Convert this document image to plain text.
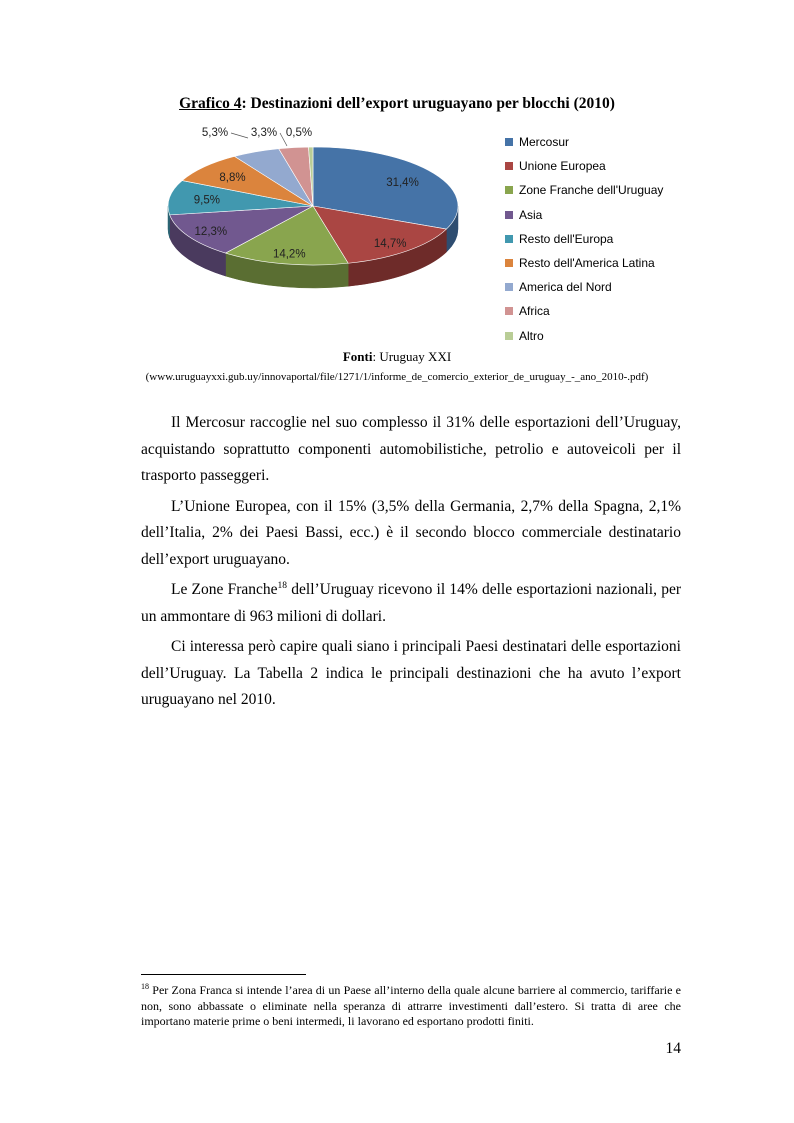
Grafico 4: Destinazioni dell’export uruguayano per blocchi (2010)
31,4%
14,7%
14,2%
12,3%
9,5%
8,8%
5,3% 3,3% 0,5%
Mercosur
Unione Europea
Zone Franche dell'Uruguay
Asia
Resto dell'Europa
Resto dell'America Latina
America del Nord
Africa
Altro
Fonti: Uruguay XXI
(www.uruguayxxi.gub.uy/innovaportal/file/1271/1/informe_de_comercio_exterior_de_uruguay_-_ano_2010-.pdf)

Il Mercosur raccoglie nel suo complesso il 31% delle esportazioni dell’Uruguay, acquistando soprattutto componenti automobilistiche, petrolio e autoveicoli per il trasporto passeggeri.

L’Unione Europea, con il 15% (3,5% della Germania, 2,7% della Spagna, 2,1% dell’Italia, 2% dei Paesi Bassi, ecc.) è il secondo blocco commerciale destinatario dell’export uruguayano.

Le Zone Franche$^{18}$ dell’Uruguay ricevono il 14% delle esportazioni nazionali, per un ammontare di 963 milioni di dollari.

Ci interessa però capire quali siano i principali Paesi destinatari delle esportazioni dell’Uruguay. La Tabella 2 indica le principali destinazioni che ha avuto l’export uruguayano nel 2010.

$^{18}$ Per Zona Franca si intende l’area di un Paese all’interno della quale alcune barriere al commercio, tariffarie e non, sono abbassate o eliminate nella speranza di attrarre investimenti dall’estero. Si tratta di aree che importano materie prime o beni intermedi, li lavorano ed esportano prodotti finiti.
14
